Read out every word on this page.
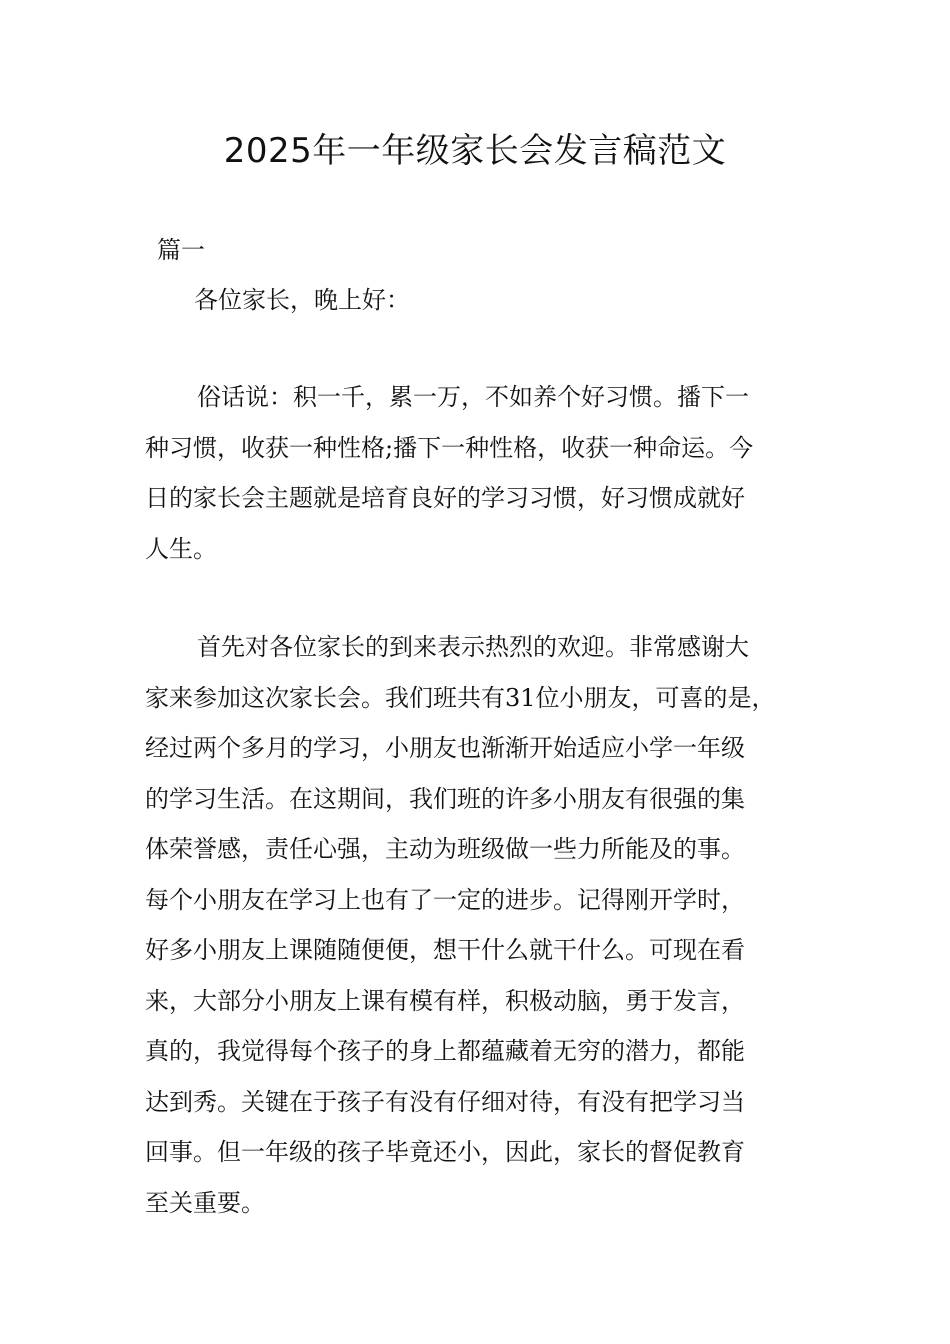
2025年一年级家长会发言稿范文
篇一
各位家长，晚上好：
俗话说：积一千，累一万，不如养个好习惯。播下一
种习惯，收获一种性格;播下一种性格，收获一种命运。今
日的家长会主题就是培育良好的学习习惯，好习惯成就好
人生。
首先对各位家长的到来表示热烈的欢迎。非常感谢大
家来参加这次家长会。我们班共有31位小朋友，可喜的是，
经过两个多月的学习，小朋友也渐渐开始适应小学一年级
的学习生活。在这期间，我们班的许多小朋友有很强的集
体荣誉感，责任心强，主动为班级做一些力所能及的事。
每个小朋友在学习上也有了一定的进步。记得刚开学时，
好多小朋友上课随随便便，想干什么就干什么。可现在看
来，大部分小朋友上课有模有样，积极动脑，勇于发言，
真的，我觉得每个孩子的身上都蕴藏着无穷的潜力，都能
达到秀。关键在于孩子有没有仔细对待，有没有把学习当
回事。但一年级的孩子毕竟还小，因此，家长的督促教育
至关重要。
